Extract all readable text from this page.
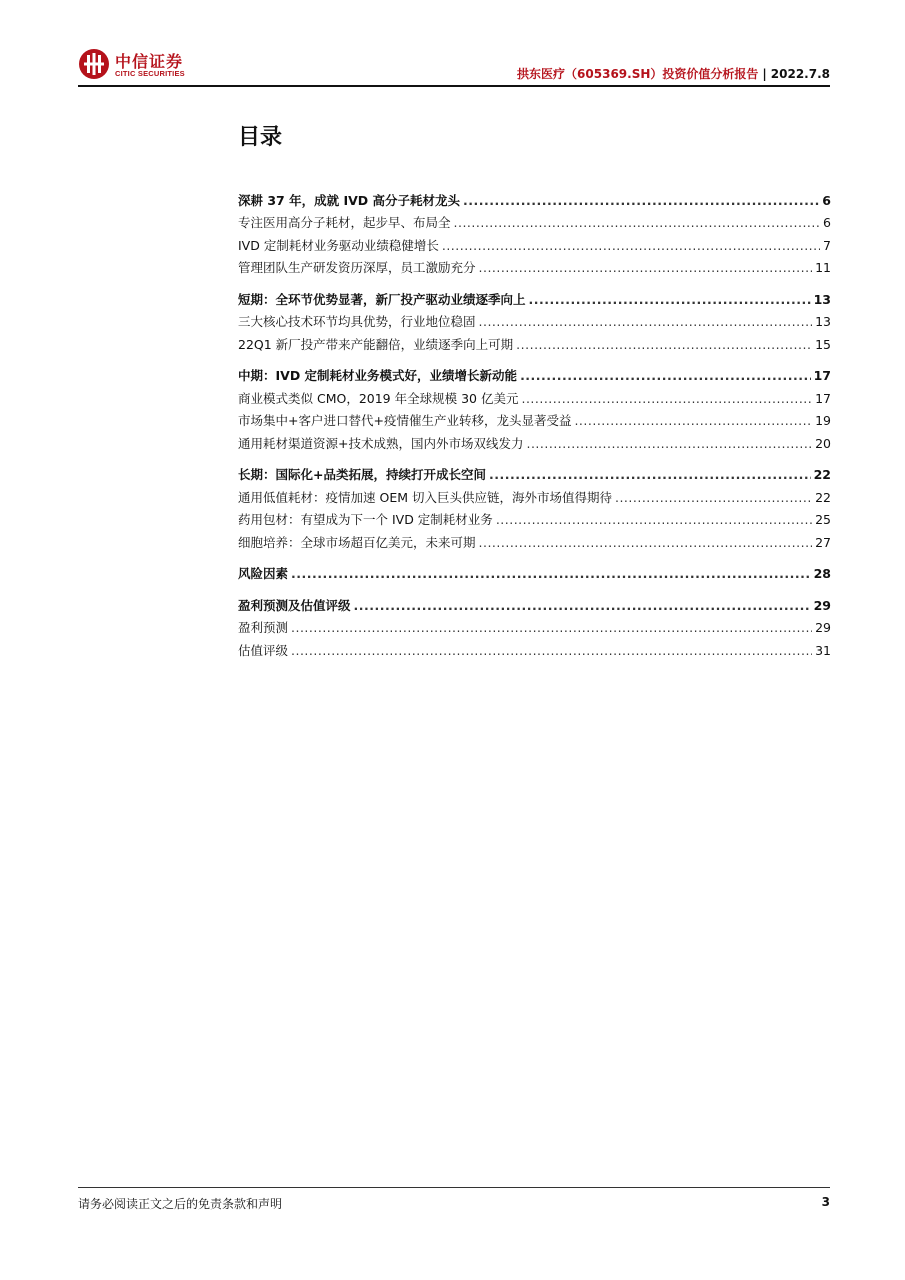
中信证券
CITIC SECURITIES	拱东医疗（605369.SH）投资价值分析报告 | 2022.7.8
目录
深耕 37 年，成就 IVD 高分子耗材龙头 .....	6
专注医用高分子耗材，起步早、布局全 .....	6
IVD 定制耗材业务驱动业绩稳健增长 .....	7
管理团队生产研发资历深厚，员工激励充分 .....	11
短期：全环节优势显著，新厂投产驱动业绩逐季向上 .....	13
三大核心技术环节均具优势，行业地位稳固 .....	13
22Q1 新厂投产带来产能翻倍，业绩逐季向上可期 .....	15
中期：IVD 定制耗材业务模式好，业绩增长新动能 .....	17
商业模式类似 CMO，2019 年全球规模 30 亿美元 .....	17
市场集中+客户进口替代+疫情催生产业转移，龙头显著受益 .....	19
通用耗材渠道资源+技术成熟，国内外市场双线发力 .....	20
长期：国际化+品类拓展，持续打开成长空间 .....	22
通用低值耗材：疫情加速 OEM 切入巨头供应链，海外市场值得期待 .....	22
药用包材：有望成为下一个 IVD 定制耗材业务 .....	25
细胞培养：全球市场超百亿美元，未来可期 .....	27
风险因素 .....	28
盈利预测及估值评级 .....	29
盈利预测 .....	29
估值评级 .....	31
请务必阅读正文之后的免责条款和声明	3
